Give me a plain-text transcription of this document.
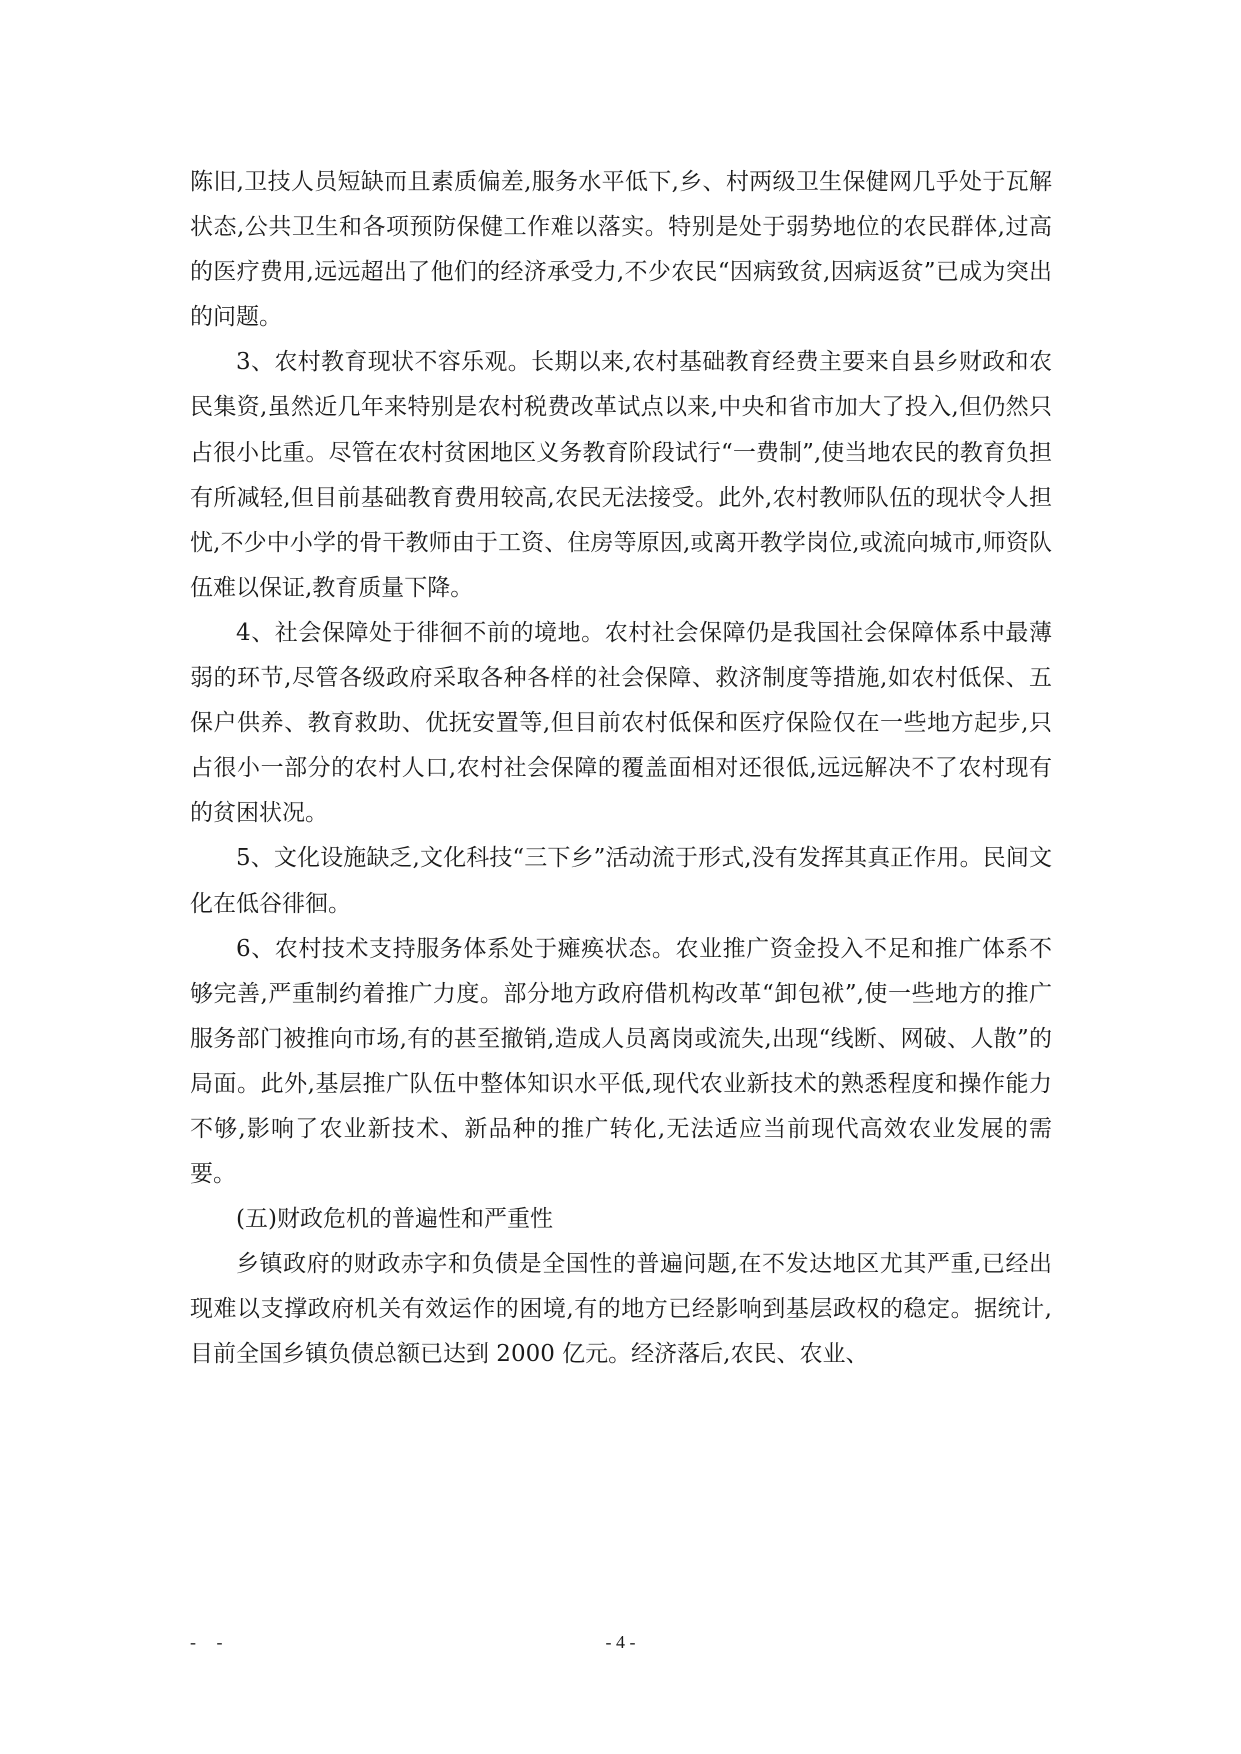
陈旧,卫技人员短缺而且素质偏差,服务水平低下,乡、村两级卫生保健网几乎处于瓦解状态,公共卫生和各项预防保健工作难以落实。特别是处于弱势地位的农民群体,过高的医疗费用,远远超出了他们的经济承受力,不少农民“因病致贫,因病返贫”已成为突出的问题。

3、农村教育现状不容乐观。长期以来,农村基础教育经费主要来自县乡财政和农民集资,虽然近几年来特别是农村税费改革试点以来,中央和省市加大了投入,但仍然只占很小比重。尽管在农村贫困地区义务教育阶段试行“一费制”,使当地农民的教育负担有所减轻,但目前基础教育费用较高,农民无法接受。此外,农村教师队伍的现状令人担忧,不少中小学的骨干教师由于工资、住房等原因,或离开教学岗位,或流向城市,师资队伍难以保证,教育质量下降。

4、社会保障处于徘徊不前的境地。农村社会保障仍是我国社会保障体系中最薄弱的环节,尽管各级政府采取各种各样的社会保障、救济制度等措施,如农村低保、五保户供养、教育救助、优抚安置等,但目前农村低保和医疗保险仅在一些地方起步,只占很小一部分的农村人口,农村社会保障的覆盖面相对还很低,远远解决不了农村现有的贫困状况。

5、文化设施缺乏,文化科技“三下乡”活动流于形式,没有发挥其真正作用。民间文化在低谷徘徊。

6、农村技术支持服务体系处于瘫痪状态。农业推广资金投入不足和推广体系不够完善,严重制约着推广力度。部分地方政府借机构改革“卸包袱”,使一些地方的推广服务部门被推向市场,有的甚至撤销,造成人员离岗或流失,出现“线断、网破、人散”的局面。此外,基层推广队伍中整体知识水平低,现代农业新技术的熟悉程度和操作能力不够,影响了农业新技术、新品种的推广转化,无法适应当前现代高效农业发展的需要。

(五)财政危机的普遍性和严重性

乡镇政府的财政赤字和负债是全国性的普遍问题,在不发达地区尤其严重,已经出现难以支撑政府机关有效运作的困境,有的地方已经影响到基层政权的稳定。据统计,目前全国乡镇负债总额已达到 2000 亿元。经济落后,农民、农业、

- -	- 4 -
